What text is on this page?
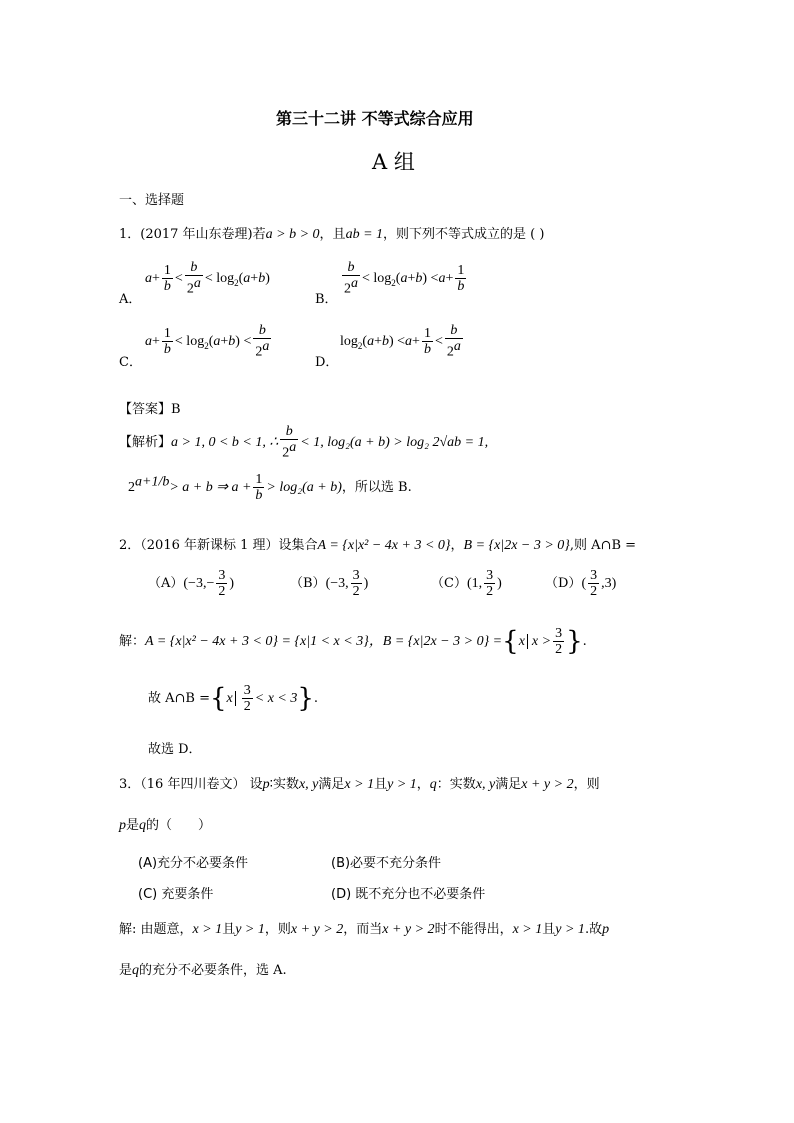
第三十二讲 不等式综合应用
A 组
一、选择题
1．(2017 年山东卷理)若a > b > 0，且ab = 1，则下列不等式成立的是 ( )
A．
$a+ \frac{1}{b} < \frac{b}{2^a} < \log_2(a+b)$
B．
$\frac{b}{2^a} < \log_2(a+b) <a+ \frac{1}{b}$
C．
$a+ \frac{1}{b} < \log_2(a+b) < \frac{b}{2^a}$
D．
$\log_2(a+b) <a+ \frac{1}{b} < \frac{b}{2^a}$
【答案】B
【解析】a > 1, 0 < b < 1, ∴ $\frac{b}{2^a} < 1$, log₂(a + b) > log₂ 2√ab = 1,
$2^{a+1/b}> a + b$ ⇒ $a + \frac{1}{b} > \log_2(a + b)$，所以选 B.
2．（2016 年新课标 1 理）设集合A = {x|x² − 4x + 3 < 0}，B = {x|2x − 3 > 0},则 A∩B =
$(A)(-3,- \frac{3}{2}$ )	（B）(−3, $\frac{3}{2}$ )	（C）(1, $\frac{3}{2}$ )	$(D)( \frac{3}{2} ,3)$
解：A = {x|x² − 4x + 3 < 0} = {x|1 < x < 3}，B = {x|2x − 3 > 0} ={x $x > \frac{3}{2}$ }.
故 A∩B $=\{x \frac{3}{2} < x < 3\}$.
故选 D．
3．（16 年四川卷文） 设p∶实数x, y满足x > 1且y > 1，q：实数x, y满足x + y > 2，则
p是q的（　　）
(A)充分不必要条件	(B)必要不充分条件
(C) 充要条件	(D) 既不充分也不必要条件
解: 由题意，x > 1且y > 1，则x + y > 2，而当x + y > 2时不能得出，x > 1且y > 1.故p
是q的充分不必要条件，选 A.
